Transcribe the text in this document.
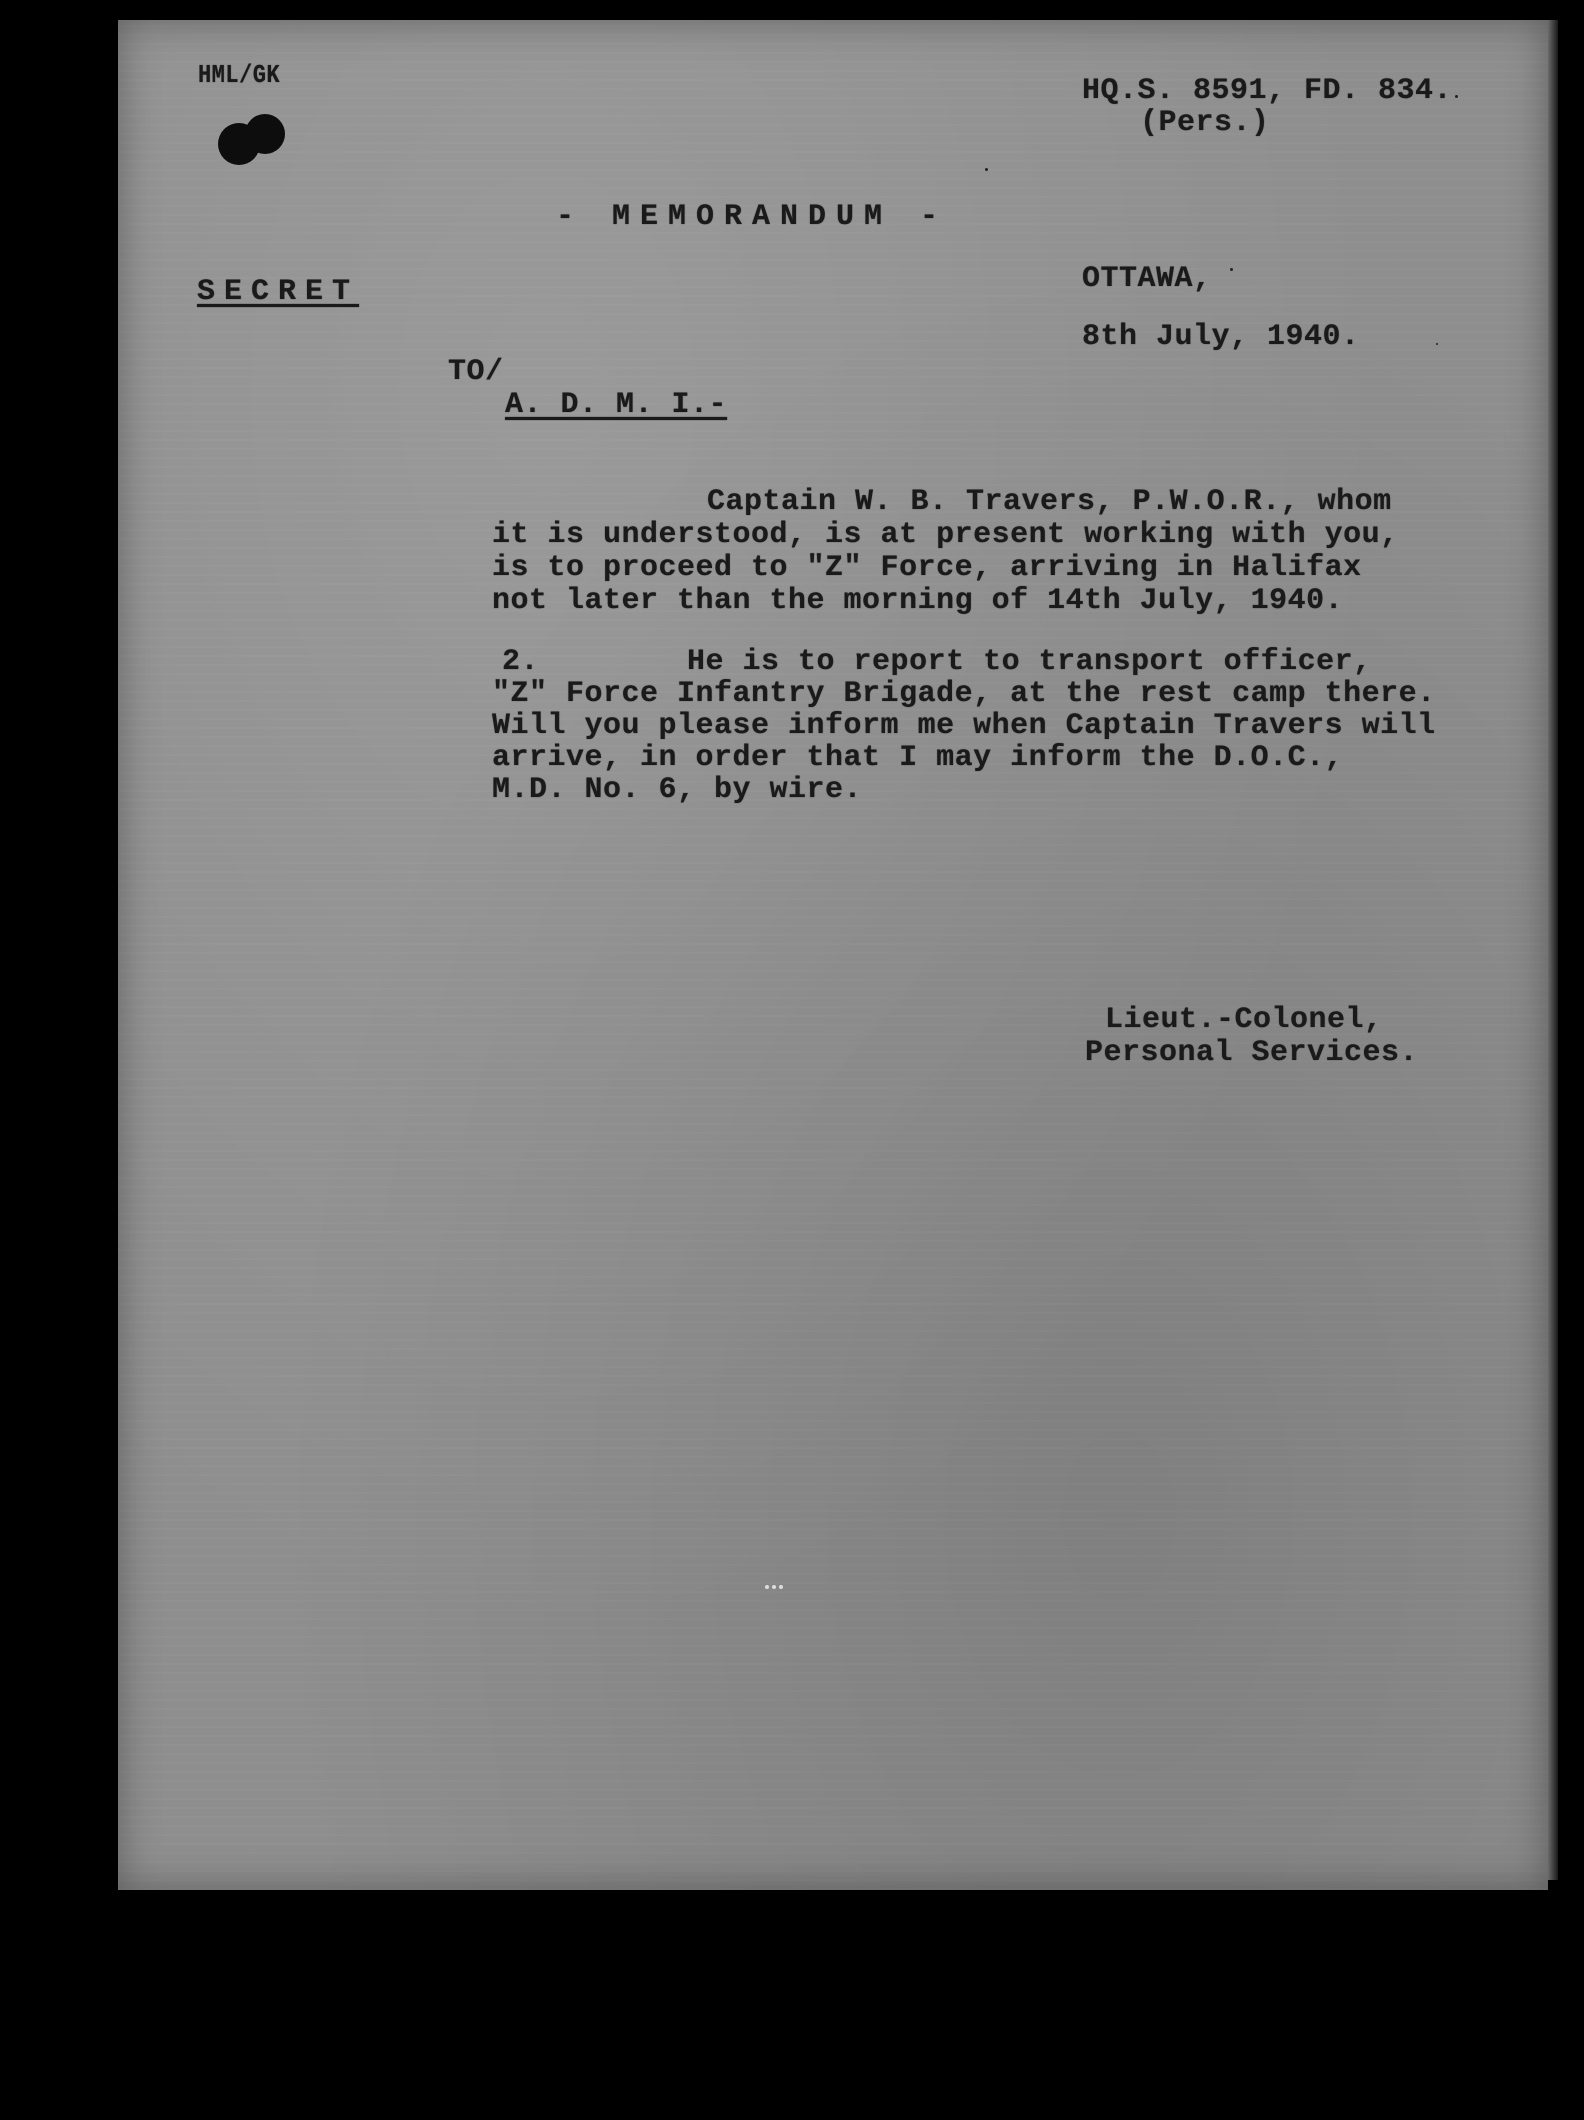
HML/GK	HQ.S. 8591, FD. 834.
(Pers.)
- MEMORANDUM -
SECRET	OTTAWA,
8th July, 1940.
TO/
A. D. M. I.-
Captain W. B. Travers, P.W.O.R., whom
it is understood, is at present working with you,
is to proceed to "Z" Force, arriving in Halifax
not later than the morning of 14th July, 1940.
2.        He is to report to transport officer,
"Z" Force Infantry Brigade, at the rest camp there.
Will you please inform me when Captain Travers will
arrive, in order that I may inform the D.O.C.,
M.D. No. 6, by wire.
Lieut.-Colonel,
Personal Services.
